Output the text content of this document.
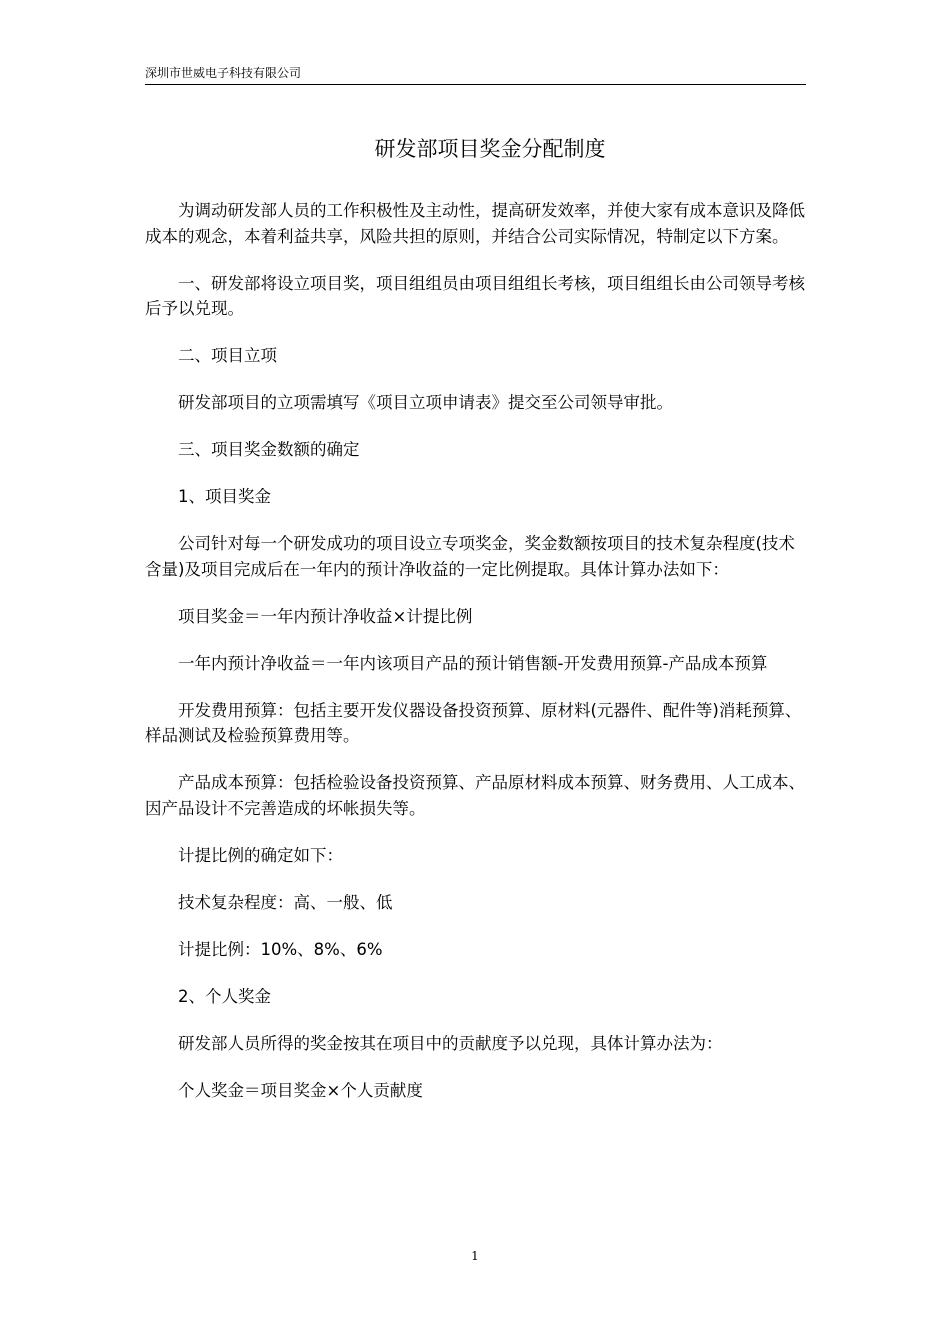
深圳市世威电子科技有限公司
研发部项目奖金分配制度

为调动研发部人员的工作积极性及主动性，提高研发效率，并使大家有成本意识及降低成本的观念，本着利益共享，风险共担的原则，并结合公司实际情况，特制定以下方案。

一、研发部将设立项目奖，项目组组员由项目组组长考核，项目组组长由公司领导考核后予以兑现。

二、项目立项

研发部项目的立项需填写《项目立项申请表》提交至公司领导审批。

三、项目奖金数额的确定

1、项目奖金

公司针对每一个研发成功的项目设立专项奖金，奖金数额按项目的技术复杂程度(技术含量)及项目完成后在一年内的预计净收益的一定比例提取。具体计算办法如下：

项目奖金＝一年内预计净收益×计提比例

一年内预计净收益＝一年内该项目产品的预计销售额-开发费用预算-产品成本预算

开发费用预算：包括主要开发仪器设备投资预算、原材料(元器件、配件等)消耗预算、样品测试及检验预算费用等。

产品成本预算：包括检验设备投资预算、产品原材料成本预算、财务费用、人工成本、因产品设计不完善造成的坏帐损失等。

计提比例的确定如下：

技术复杂程度：高、一般、低

计提比例：10%、8%、6%

2、个人奖金

研发部人员所得的奖金按其在项目中的贡献度予以兑现，具体计算办法为：

个人奖金＝项目奖金×个人贡献度

1
